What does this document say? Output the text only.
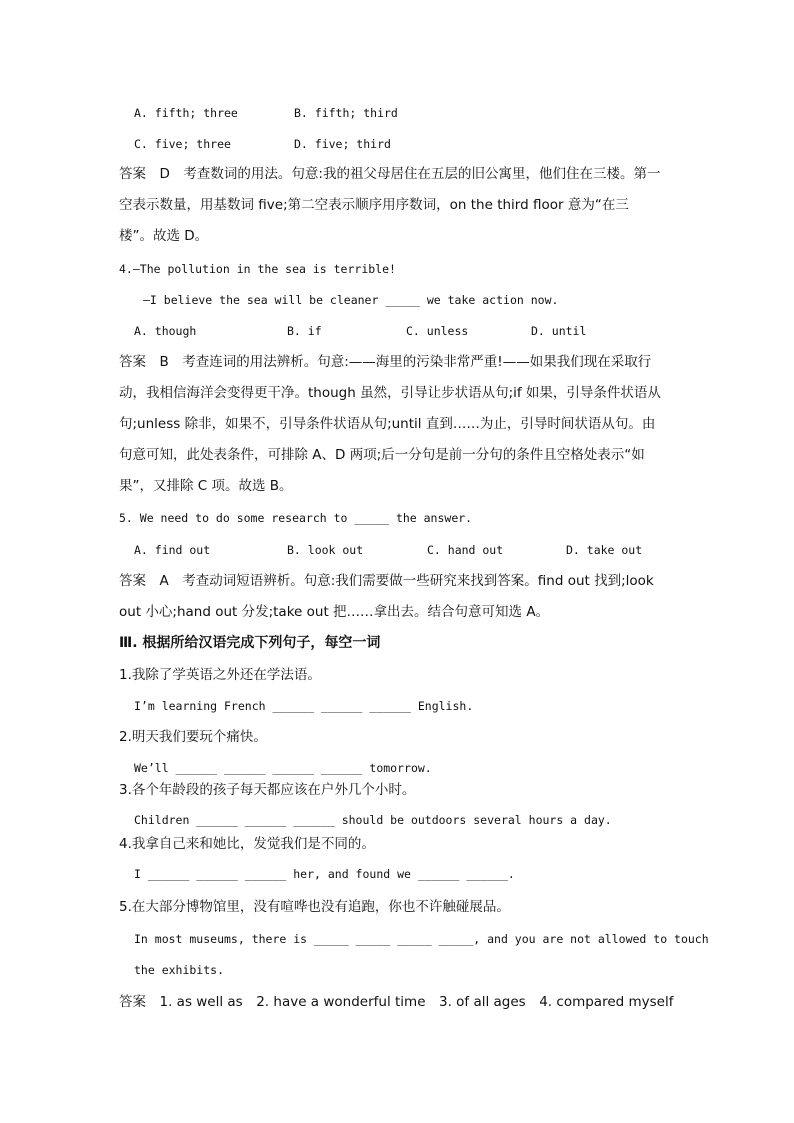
A. fifth; three	B. fifth; third
C. five; three	D. five; third
答案　D　考查数词的用法。句意:我的祖父母居住在五层的旧公寓里，他们住在三楼。第一
空表示数量，用基数词 five;第二空表示顺序用序数词，on the third floor 意为“在三
楼”。故选 D。
4.—The pollution in the sea is terrible!
—I believe the sea will be cleaner _____ we take action now.
A. though	B. if	C. unless	D. until
答案　B　考查连词的用法辨析。句意:——海里的污染非常严重!——如果我们现在采取行
动，我相信海洋会变得更干净。though 虽然，引导让步状语从句;if 如果，引导条件状语从
句;unless 除非，如果不，引导条件状语从句;until 直到……为止，引导时间状语从句。由
句意可知，此处表条件，可排除 A、D 两项;后一分句是前一分句的条件且空格处表示“如
果”，又排除 C 项。故选 B。
5. We need to do some research to _____ the answer.
A. find out	B. look out	C. hand out	D. take out
答案　A　考查动词短语辨析。句意:我们需要做一些研究来找到答案。find out 找到;look
out 小心;hand out 分发;take out 把……拿出去。结合句意可知选 A。
Ⅲ. 根据所给汉语完成下列句子，每空一词
1.我除了学英语之外还在学法语。
I’m learning French ______ ______ ______ English.
2.明天我们要玩个痛快。
We’ll ______ ______ ______ ______ tomorrow.
3.各个年龄段的孩子每天都应该在户外几个小时。
Children ______ ______ ______ should be outdoors several hours a day.
4.我拿自己来和她比，发觉我们是不同的。
I ______ ______ ______ her, and found we ______ ______.
5.在大部分博物馆里，没有喧哗也没有追跑，你也不许触碰展品。
In most museums, there is _____ _____ _____ _____, and you are not allowed to touch
the exhibits.
答案　1. as well as　2. have a wonderful time　3. of all ages　4. compared myself
